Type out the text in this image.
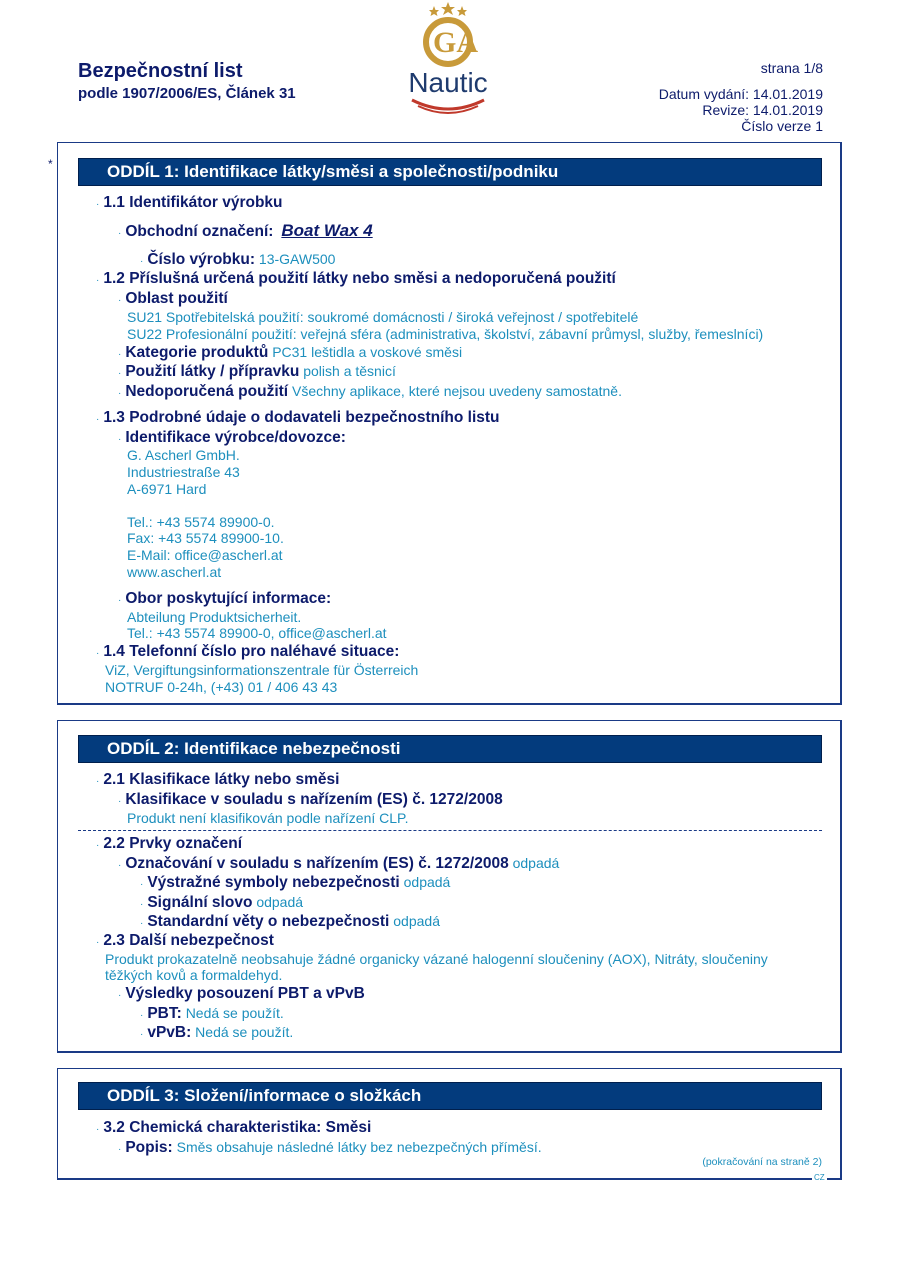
Bezpečnostní list
podle 1907/2006/ES, Článek 31
GA
Nautic	strana 1/8
Datum vydání: 14.01.2019
Revize: 14.01.2019
Číslo verze 1
*	ODDÍL 1: Identifikace látky/směsi a společnosti/podniku
· 1.1 Identifikátor výrobku
· Obchodní označení: Boat Wax 4
· Číslo výrobku: 13-GAW500
· 1.2 Příslušná určená použití látky nebo směsi a nedoporučená použití
· Oblast použití
SU21 Spotřebitelská použití: soukromé domácnosti / široká veřejnost / spotřebitelé
SU22 Profesionální použití: veřejná sféra (administrativa, školství, zábavní průmysl, služby, řemeslníci)
· Kategorie produktů PC31 leštidla a voskové směsi
· Použití látky / přípravku polish a těsnicí
· Nedoporučená použití Všechny aplikace, které nejsou uvedeny samostatně.
· 1.3 Podrobné údaje o dodavateli bezpečnostního listu
· Identifikace výrobce/dovozce:
G. Ascherl GmbH.
Industriestraße 43
A-6971 Hard
Tel.: +43 5574 89900-0.
Fax: +43 5574 89900-10.
E-Mail: office@ascherl.at
www.ascherl.at
· Obor poskytující informace:
Abteilung Produktsicherheit.
Tel.: +43 5574 89900-0, office@ascherl.at
· 1.4 Telefonní číslo pro naléhavé situace:
ViZ, Vergiftungsinformationszentrale für Österreich
NOTRUF 0-24h, (+43) 01 / 406 43 43
ODDÍL 2: Identifikace nebezpečnosti
· 2.1 Klasifikace látky nebo směsi
· Klasifikace v souladu s nařízením (ES) č. 1272/2008
Produkt není klasifikován podle nařízení CLP.
· 2.2 Prvky označení
· Označování v souladu s nařízením (ES) č. 1272/2008 odpadá
· Výstražné symboly nebezpečnosti odpadá
· Signální slovo odpadá
· Standardní věty o nebezpečnosti odpadá
· 2.3 Další nebezpečnost
Produkt prokazatelně neobsahuje žádné organicky vázané halogenní sloučeniny (AOX), Nitráty, sloučeniny
těžkých kovů a formaldehyd.
· Výsledky posouzení PBT a vPvB
· PBT: Nedá se použít.
· vPvB: Nedá se použít.
ODDÍL 3: Složení/informace o složkách
· 3.2 Chemická charakteristika: Směsi
· Popis: Směs obsahuje následné látky bez nebezpečných příměsí.
(pokračování na straně 2)
CZ
